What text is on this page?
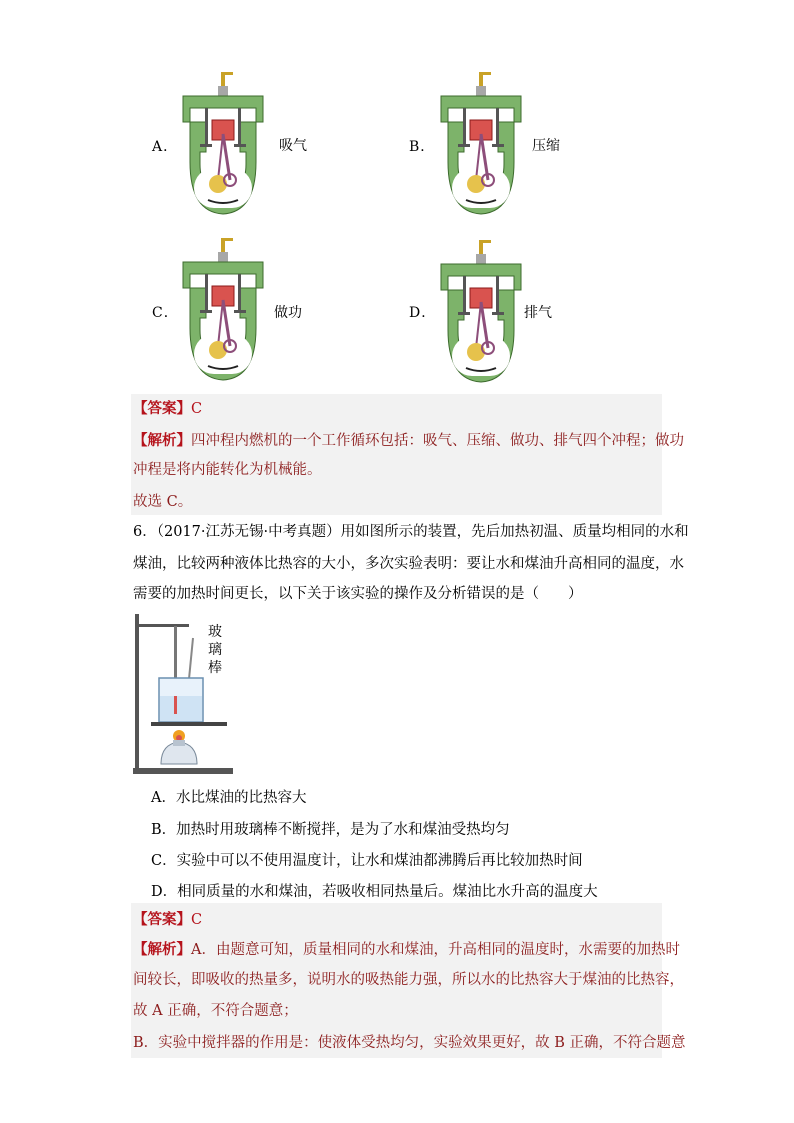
A．	吸气	B．	压缩
C．	做功	D．	排气
【答案】C
【解析】四冲程内燃机的一个工作循环包括：吸气、压缩、做功、排气四个冲程；做功
冲程是将内能转化为机械能。
故选 C。
6．（2017·江苏无锡·中考真题）用如图所示的装置，先后加热初温、质量均相同的水和
煤油，比较两种液体比热容的大小，多次实验表明：要让水和煤油升高相同的温度，水
需要的加热时间更长，以下关于该实验的操作及分析错误的是（　　）
玻
璃
棒
A．水比煤油的比热容大
B．加热时用玻璃棒不断搅拌，是为了水和煤油受热均匀
C．实验中可以不使用温度计，让水和煤油都沸腾后再比较加热时间
D．相同质量的水和煤油，若吸收相同热量后。煤油比水升高的温度大
【答案】C
【解析】A．由题意可知，质量相同的水和煤油，升高相同的温度时，水需要的加热时
间较长，即吸收的热量多，说明水的吸热能力强，所以水的比热容大于煤油的比热容，
故 A 正确，不符合题意；
B．实验中搅拌器的作用是：使液体受热均匀，实验效果更好，故 B 正确，不符合题意
